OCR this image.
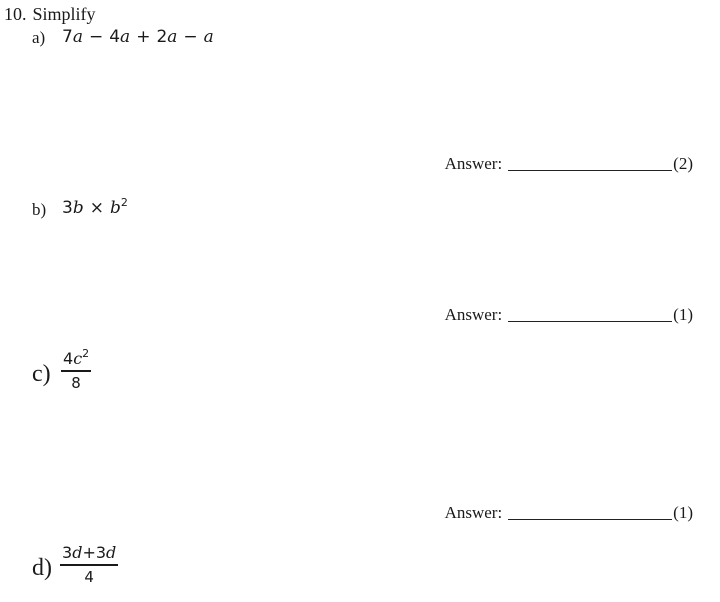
10. Simplify
a) 7a − 4a + 2a − a
Answer:	(2)
b) $3b \times b^2$
Answer:	(1)
c)
$4c^2$
8
Answer:	(1)
d)
3d+3d
4
